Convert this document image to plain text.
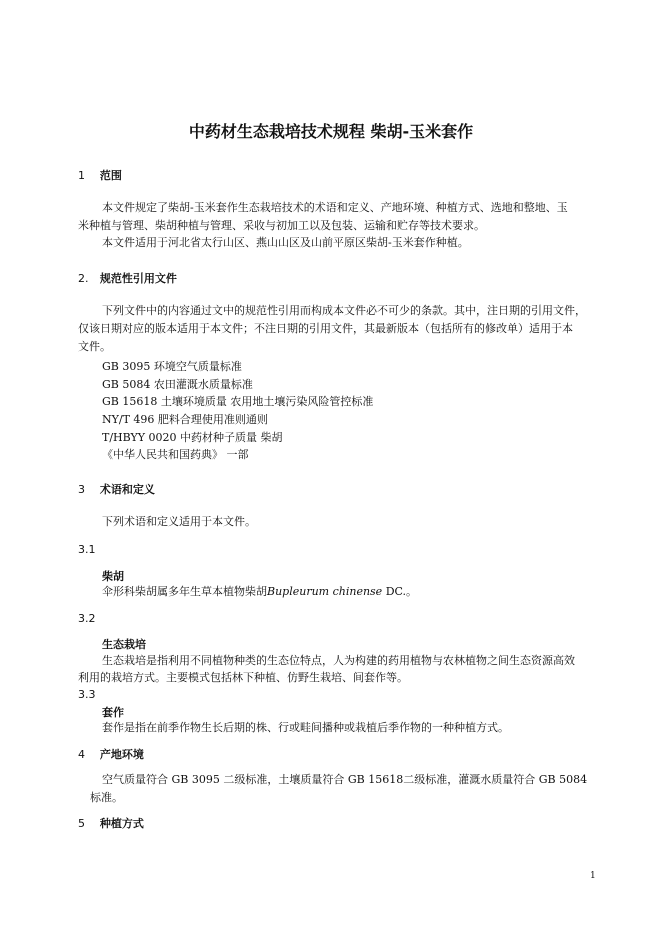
中药材生态栽培技术规程 柴胡-玉米套作
1 范围
本文件规定了柴胡-玉米套作生态栽培技术的术语和定义、产地环境、种植方式、选地和整地、玉
米种植与管理、柴胡种植与管理、采收与初加工以及包装、运输和贮存等技术要求。
本文件适用于河北省太行山区、燕山山区及山前平原区柴胡-玉米套作种植。
2. 规范性引用文件
下列文件中的内容通过文中的规范性引用而构成本文件必不可少的条款。其中，注日期的引用文件，
仅该日期对应的版本适用于本文件；不注日期的引用文件，其最新版本（包括所有的修改单）适用于本
文件。
GB 3095 环境空气质量标准
GB 5084 农田灌溉水质量标准
GB 15618 土壤环境质量 农用地土壤污染风险管控标准
NY/T 496 肥料合理使用准则通则
T/HBYY 0020 中药材种子质量 柴胡
《中华人民共和国药典》 一部
3 术语和定义
下列术语和定义适用于本文件。
3.1
柴胡
伞形科柴胡属多年生草本植物柴胡Bupleurum chinense DC.。
3.2
生态栽培
生态栽培是指利用不同植物种类的生态位特点，人为构建的药用植物与农林植物之间生态资源高效
利用的栽培方式。主要模式包括林下种植、仿野生栽培、间套作等。
3.3
套作
套作是指在前季作物生长后期的株、行或畦间播种或栽植后季作物的一种种植方式。
4 产地环境
空气质量符合 GB 3095 二级标准，土壤质量符合 GB 15618二级标准，灌溉水质量符合 GB 5084
标准。
5 种植方式
1
